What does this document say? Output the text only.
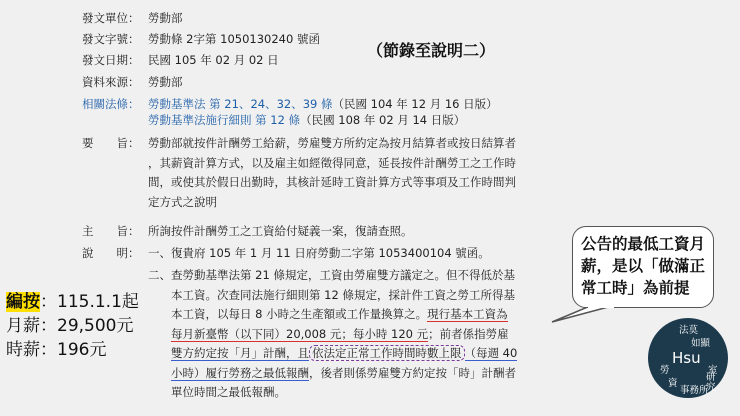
發文單位： 勞動部
發文字號： 勞動條 2字第 1050130240 號函
發文日期： 民國 105 年 02 月 02 日
資料來源： 勞動部
（節錄至說明二）
相關法條： 勞動基準法 第 21、24、32、39 條（民國 104 年 12 月 16 日版）
勞動基準法施行細則 第 12 條（民國 108 年 02 月 14 日版）
要　　旨： 勞動部就按件計酬勞工給薪，勞雇雙方所約定為按月結算者或按日結算者
，其薪資計算方式，以及雇主如經徵得同意，延長按件計酬勞工之工作時
間，或使其於假日出勤時，其核計延時工資計算方式等事項及工作時間判
定方式之說明
主　　旨： 所詢按件計酬勞工之工資給付疑義一案，復請查照。
說　　明： 一、復貴府 105 年 1 月 11 日府勞動二字第 1053400104 號函。
二、查勞動基準法第 21 條規定，工資由勞雇雙方議定之。但不得低於基
本工資。次查同法施行細則第 12 條規定，採計件工資之勞工所得基
本工資，以每日 8 小時之生產額或工作量換算之。現行基本工資為
每月新臺幣（以下同）20,008 元；每小時 120 元；前者係指勞雇
雙方約定按「月」計酬，且 依法定正常工作時間時數上限 （每週 40
小時）履行勞務之最低報酬，後者則係勞雇雙方約定按「時」計酬者
單位時間之最低報酬。
公告的最低工資月
薪，是以「做滿正
常工時」為前提
編按：115.1.1起
月薪：29,500元
時薪：196元
法莫
如顯
Hsu
勞
資
事務所
室
研究
